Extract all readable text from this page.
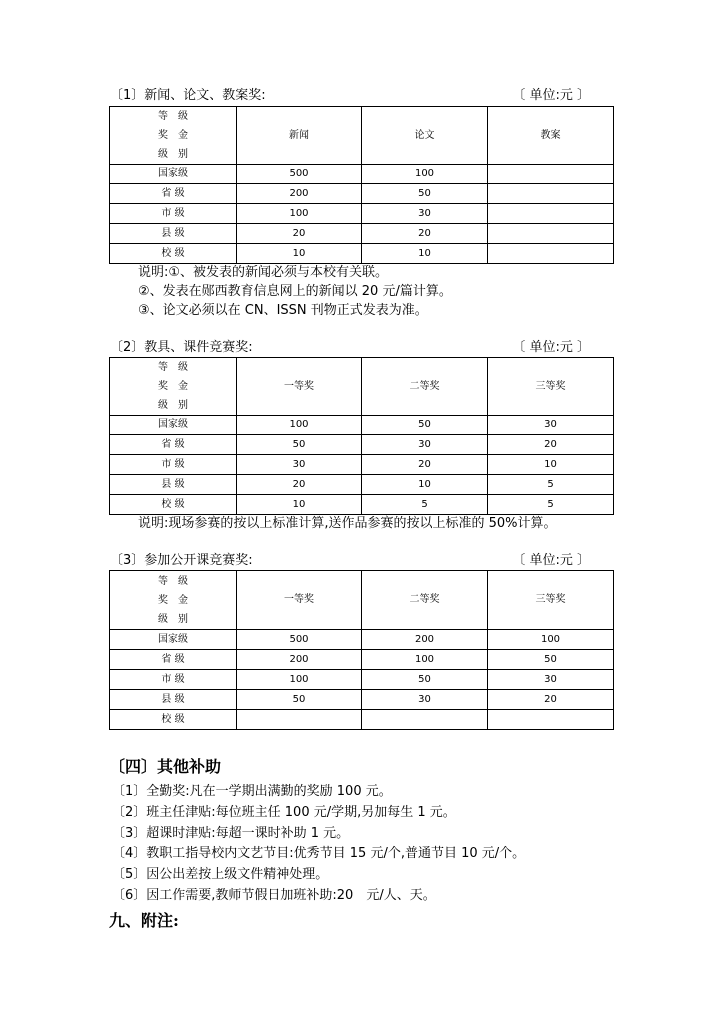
〔1〕新闻、论文、教案奖:	〔 单位:元 〕
等　级
奖　金
级　别	新闻	论文	教案
国家级	500	100	
省 级	200	50	
市 级	100	30	
县 级	20	20	
校 级	10	10	
说明:①、被发表的新闻必须与本校有关联。
②、发表在郧西教育信息网上的新闻以 20 元/篇计算。
③、论文必须以在 CN、ISSN 刊物正式发表为准。
〔2〕教具、课件竞赛奖:	〔 单位:元 〕
等　级
奖　金
级　别	一等奖	二等奖	三等奖
国家级	100	50	30
省 级	50	30	20
市 级	30	20	10
县 级	20	10	5
校 级	10	5	5
说明:现场参赛的按以上标准计算,送作品参赛的按以上标准的 50%计算。
〔3〕参加公开课竞赛奖:	〔 单位:元 〕
等　级
奖　金
级　别	一等奖	二等奖	三等奖
国家级	500	200	100
省 级	200	100	50
市 级	100	50	30
县 级	50	30	20
校 级			
〔四〕其他补助
〔1〕全勤奖:凡在一学期出满勤的奖励 100 元。
〔2〕班主任津贴:每位班主任 100 元/学期,另加每生 1 元。
〔3〕超课时津贴:每超一课时补助 1 元。
〔4〕教职工指导校内文艺节目:优秀节目 15 元/个,普通节目 10 元/个。
〔5〕因公出差按上级文件精神处理。
〔6〕因工作需要,教师节假日加班补助:20　元/人、天。
九、附注:
